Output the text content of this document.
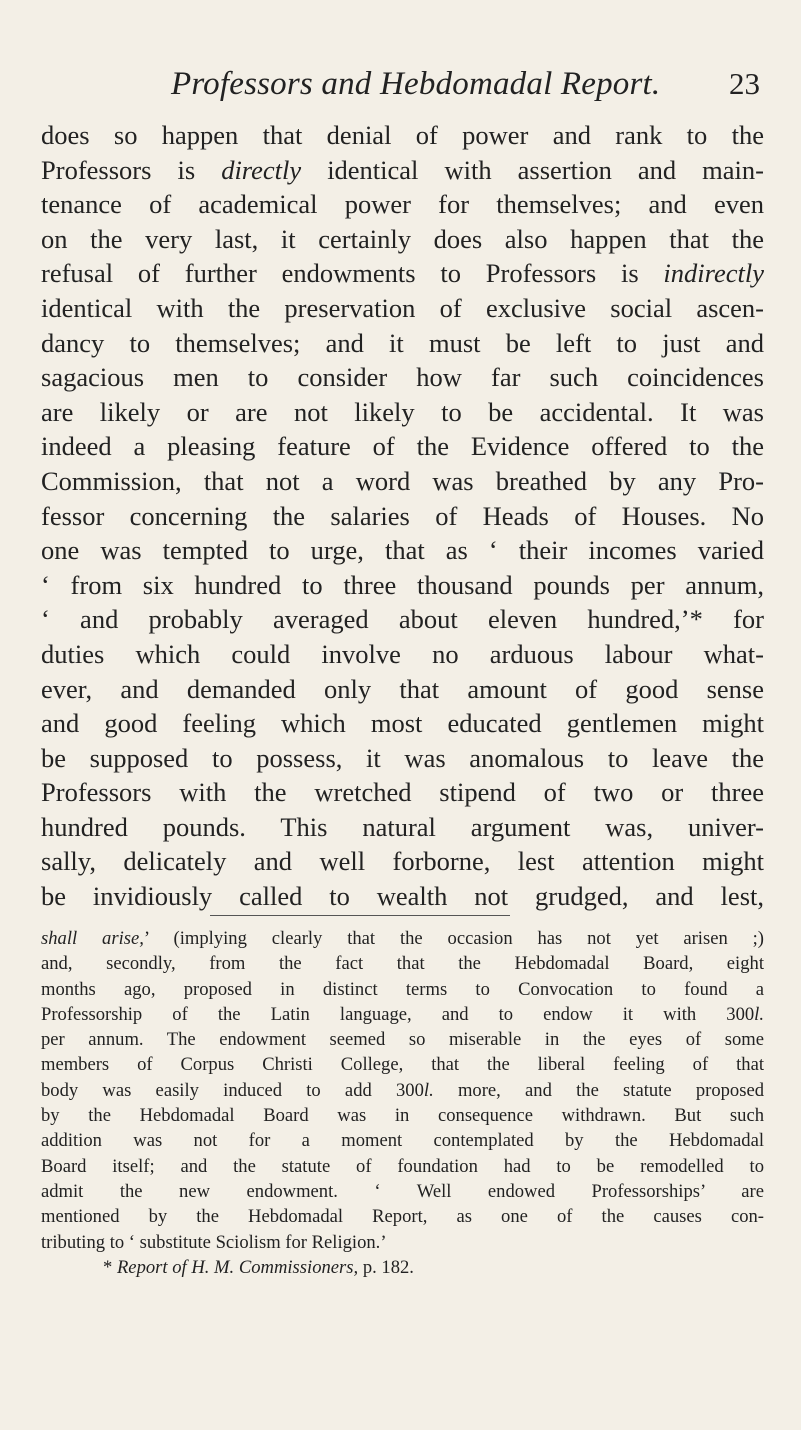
Professors and Hebdomadal Report. 23
does so happen that denial of power and rank to the
Professors is directly identical with assertion and main-
tenance of academical power for themselves; and even
on the very last, it certainly does also happen that the
refusal of further endowments to Professors is indirectly
identical with the preservation of exclusive social ascen-
dancy to themselves; and it must be left to just and
sagacious men to consider how far such coincidences
are likely or are not likely to be accidental. It was
indeed a pleasing feature of the Evidence offered to the
Commission, that not a word was breathed by any Pro-
fessor concerning the salaries of Heads of Houses. No
one was tempted to urge, that as ‘ their incomes varied
‘ from six hundred to three thousand pounds per annum,
‘ and probably averaged about eleven hundred,’* for
duties which could involve no arduous labour what-
ever, and demanded only that amount of good sense
and good feeling which most educated gentlemen might
be supposed to possess, it was anomalous to leave the
Professors with the wretched stipend of two or three
hundred pounds. This natural argument was, univer-
sally, delicately and well forborne, lest attention might
be invidiously called to wealth not grudged, and lest,
shall arise,’ (implying clearly that the occasion has not yet arisen ;)
and, secondly, from the fact that the Hebdomadal Board, eight
months ago, proposed in distinct terms to Convocation to found a
Professorship of the Latin language, and to endow it with 300l.
per annum. The endowment seemed so miserable in the eyes of some
members of Corpus Christi College, that the liberal feeling of that
body was easily induced to add 300l. more, and the statute proposed
by the Hebdomadal Board was in consequence withdrawn. But such
addition was not for a moment contemplated by the Hebdomadal
Board itself; and the statute of foundation had to be remodelled to
admit the new endowment. ‘ Well endowed Professorships’ are
mentioned by the Hebdomadal Report, as one of the causes con-
tributing to ‘ substitute Sciolism for Religion.’
* Report of H. M. Commissioners, p. 182.
